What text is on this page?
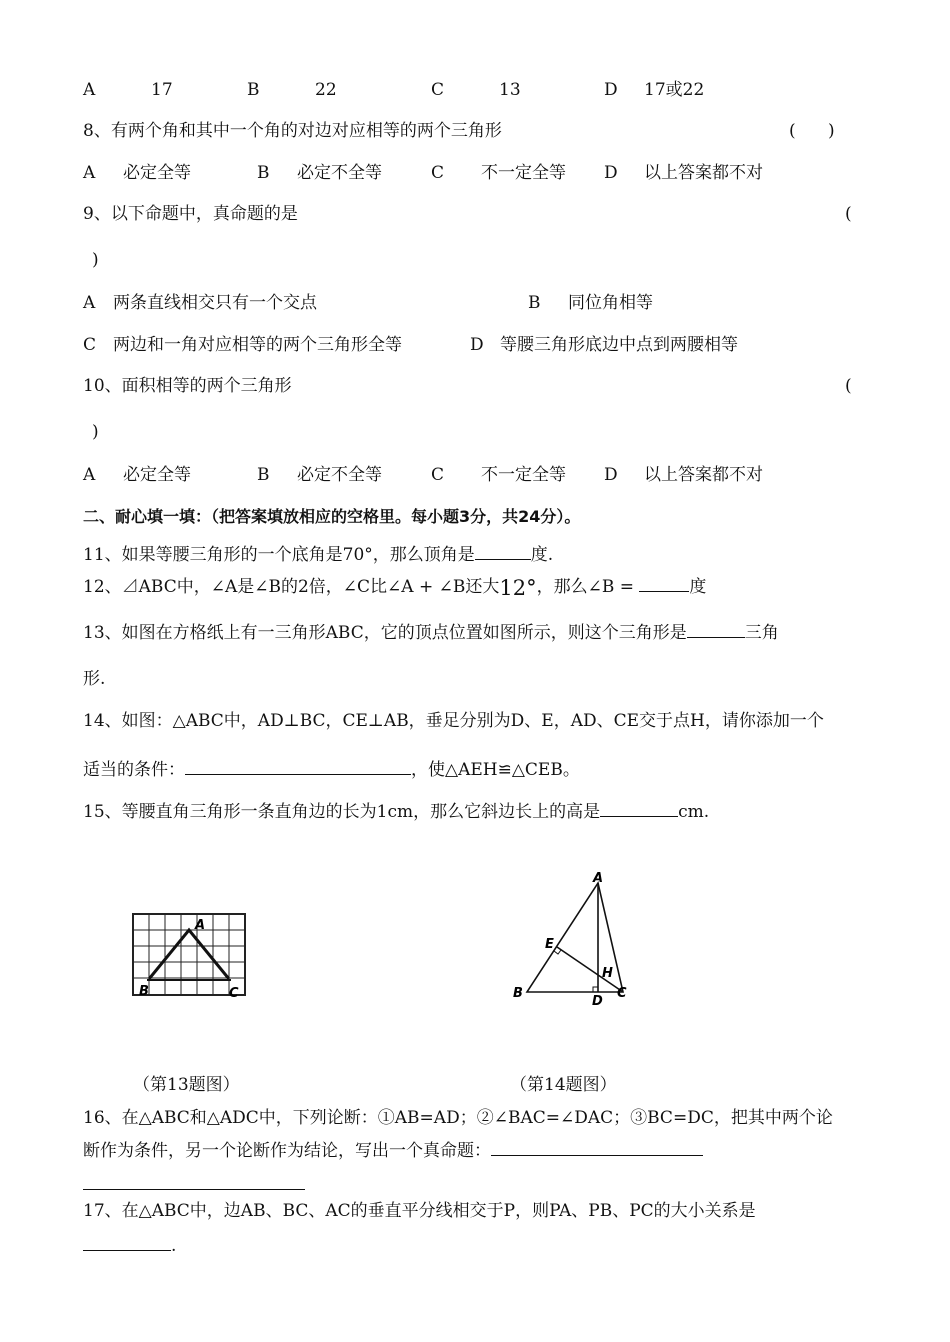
A	17	B	22	C	13	D 17或22
8、有两个角和其中一个角的对边对应相等的两个三角形	(      )
A 必定全等	B 必定不全等	C 不一定全等 D 以上答案都不对
9、以下命题中，真命题的是	(
)
A 两条直线相交只有一个交点	B 同位角相等
C 两边和一角对应相等的两个三角形全等	D 等腰三角形底边中点到两腰相等
10、面积相等的两个三角形	(
)
A 必定全等	B 必定不全等	C 不一定全等 D 以上答案都不对
二、耐心填一填：（把答案填放相应的空格里。每小题3分，共24分）。
11、如果等腰三角形的一个底角是70°，那么顶角是	度.
12、⊿ABC中，∠A是∠B的2倍，∠C比∠A + ∠B还大12°，那么∠B =	度
13、如图在方格纸上有一三角形ABC，它的顶点位置如图所示，则这个三角形是	三角
形.
14、如图：△ABC中，AD⊥BC，CE⊥AB，垂足分别为D、E，AD、CE交于点H，请你添加一个
适当的条件：	，使△AEH≌△CEB。
15、等腰直角三角形一条直角边的长为1cm，那么它斜边长上的高是	cm.
A
B	C
A
E
H
B
D
C
（第13题图）	（第14题图）
16、在△ABC和△ADC中，下列论断：①AB=AD；②∠BAC=∠DAC；③BC=DC，把其中两个论
断作为条件，另一个论断作为结论，写出一个真命题：
17、在△ABC中，边AB、BC、AC的垂直平分线相交于P，则PA、PB、PC的大小关系是
.
